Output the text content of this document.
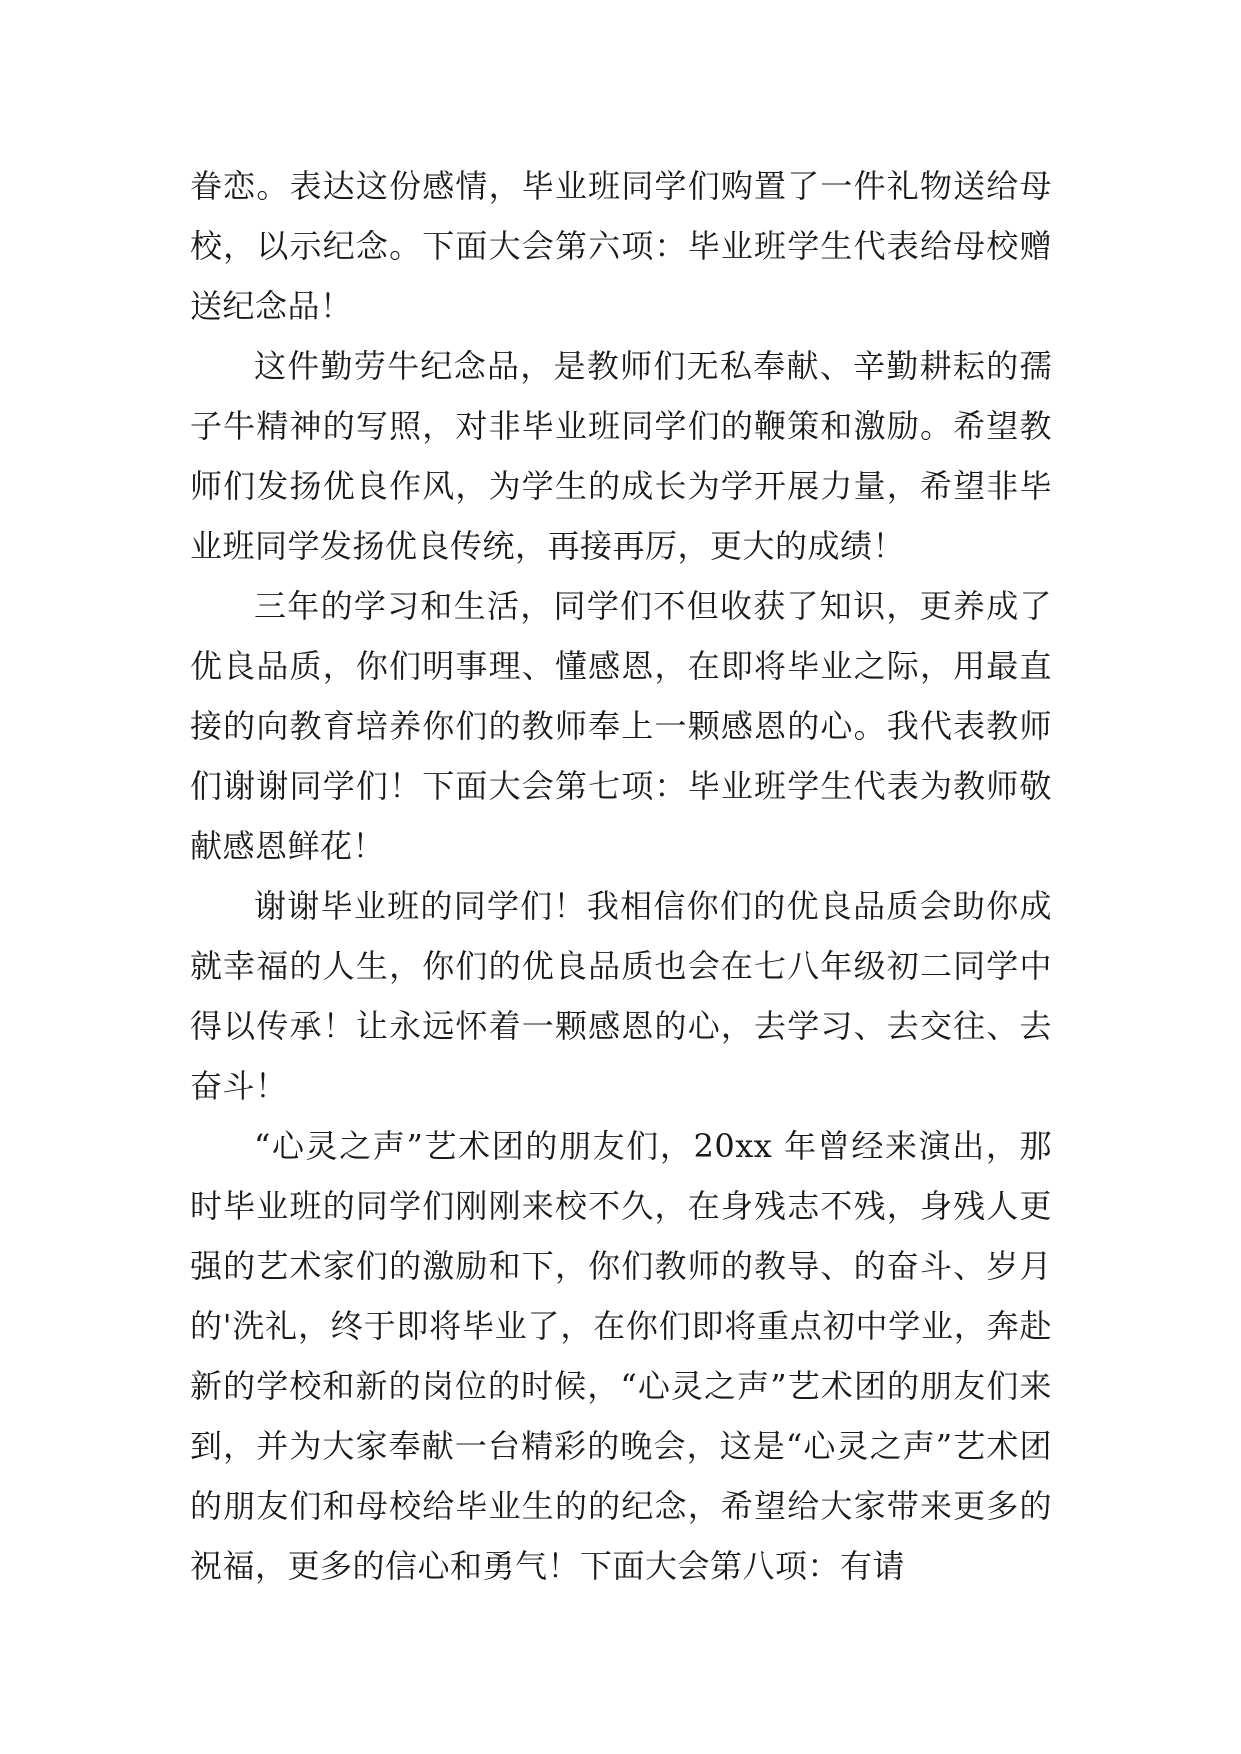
眷恋。表达这份感情，毕业班同学们购置了一件礼物送给母校，以示纪念。下面大会第六项：毕业班学生代表给母校赠送纪念品！

这件勤劳牛纪念品，是教师们无私奉献、辛勤耕耘的孺子牛精神的写照，对非毕业班同学们的鞭策和激励。希望教师们发扬优良作风，为学生的成长为学开展力量，希望非毕业班同学发扬优良传统，再接再厉，更大的成绩！

三年的学习和生活，同学们不但收获了知识，更养成了优良品质，你们明事理、懂感恩，在即将毕业之际，用最直接的向教育培养你们的教师奉上一颗感恩的心。我代表教师们谢谢同学们！下面大会第七项：毕业班学生代表为教师敬献感恩鲜花！

谢谢毕业班的同学们！我相信你们的优良品质会助你成就幸福的人生，你们的优良品质也会在七八年级初二同学中得以传承！让永远怀着一颗感恩的心，去学习、去交往、去奋斗！

“心灵之声”艺术团的朋友们，20xx 年曾经来演出，那时毕业班的同学们刚刚来校不久，在身残志不残，身残人更强的艺术家们的激励和下，你们教师的教导、的奋斗、岁月的'洗礼，终于即将毕业了，在你们即将重点初中学业，奔赴新的学校和新的岗位的时候，“心灵之声”艺术团的朋友们来到，并为大家奉献一台精彩的晚会，这是“心灵之声”艺术团的朋友们和母校给毕业生的的纪念，希望给大家带来更多的祝福，更多的信心和勇气！下面大会第八项：有请
